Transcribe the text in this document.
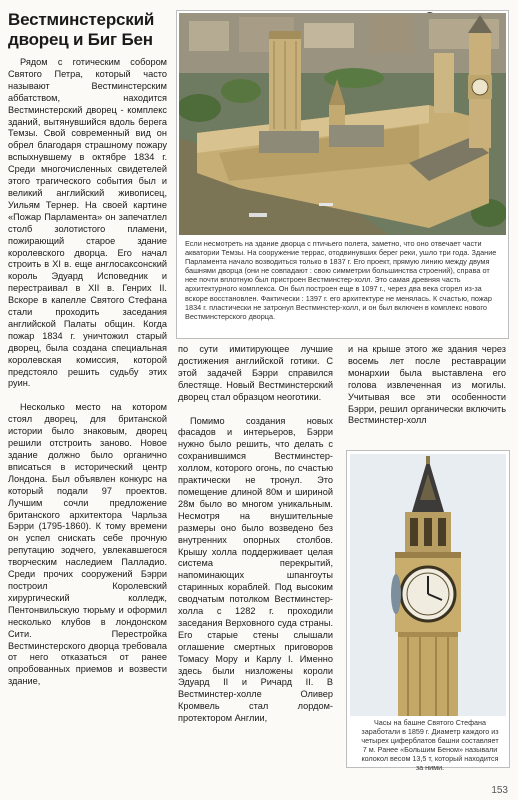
Вестминстерский дворец и Биг Бен

Рядом с готическим собором Святого Петра, который часто называют Вестминстерским аббатством, находится Вестминстерский дворец - комплекс зданий, вытянувшийся вдоль берега Темзы. Свой современный вид он обрел благодаря страшному пожару вспыхнувшему в октябре 1834 г. Среди многочисленных свидетелей этого трагического события был и великий английский живописец, Уильям Тернер. На своей картине «Пожар Парламента» он запечатлел столб золотистого пламени, пожирающий старое здание королевского дворца. Его начал строить в XI в. еще англосаксонский король Эдуард Исповедник и перестраивал в XII в. Генрих II. Вскоре в капелле Святого Стефана стали проходить заседания английской Палаты общин. Когда пожар 1834 г. уничтожил старый дворец, была создана специальная королевская комиссия, которой предстояло решить судьбу этих руин.

Несколько место на котором стоял дворец, для британской истории было знаковым, дворец решили отстроить заново. Новое здание должно было органично вписаться в исторический центр Лондона. Был объявлен конкурс на который подали 97 проектов. Лучшим сочли предложение британского архитектора Чарльза Бэрри (1795-1860). К тому времени он успел снискать себе прочную репутацию зодчего, увлекавшегося творческим наследием Палладио. Среди прочих сооружений Бэрри построил Королевский хирургический колледж, Пентонвильскую тюрьму и оформил несколько клубов в лондонском Сити. Перестройка Вестминстерского дворца требовала от него отказаться от ранее опробованных приемов и возвести здание,

Если несмотреть на здание дворца с птичьего полета, заметно, что оно отвечает части акватории Темзы. На сооружение террас, отодвинувших берег реки, ушло три года. Здание Парламента начало возводиться только в 1837 г. Его проект, прямую линию между двумя башнями дворца (они не совпадают : свою симметрии большинства строений), справа от нее почти вплотную был пристроен Вестминстер-холл. Это самая древняя часть архитектурного комплекса. Он был построен еще в 1097 г., через два века сгорел из-за вскоре восстановлен. Фактически : 1397 г. его архитектуре не менялась. К счастью, пожар 1834 г. пластически не затронул Вестминстер-холл, и он был включен в комплекс нового Вестминстерского дворца.

по сути имитирующее лучшие достижения английской готики. С этой задачей Бэрри справился блестяще. Новый Вестминстерский дворец стал образцом неоготики.

Помимо создания новых фасадов и интерьеров, Бэрри нужно было решить, что делать с сохранившимся Вестминстер-холлом, которого огонь, по счастью практически не тронул. Это помещение длиной 80м и шириной 28м было во многом уникальным. Несмотря на внушительные размеры оно было возведено без внутренних опорных столбов. Крышу холла поддерживает целая система перекрытий, напоминающих шпангоуты старинных кораблей. Под высоким сводчатым потолком Вестминстер-холла с 1282 г. проходили заседания Верховного суда страны. Его старые стены слышали оглашение смертных приговоров Томасу Мору и Карлу I. Именно здесь были низложены короли Эдуард II и Ричард II. В Вестминстер-холле Оливер Кромвель стал лордом-протектором Англии,

и на крыше этого же здания через восемь лет после реставрации монархии была выставлена его голова извлеченная из могилы. Учитывая все эти особенности Бэрри, решил органически включить Вестминстер-холл

Часы на башне Святого Стефана заработали в 1859 г. Диаметр каждого из четырех циферблатов башни составляет 7 м. Ранее «Большим Беном» называли колокол весом 13,5 т, который находится за ними.
153
